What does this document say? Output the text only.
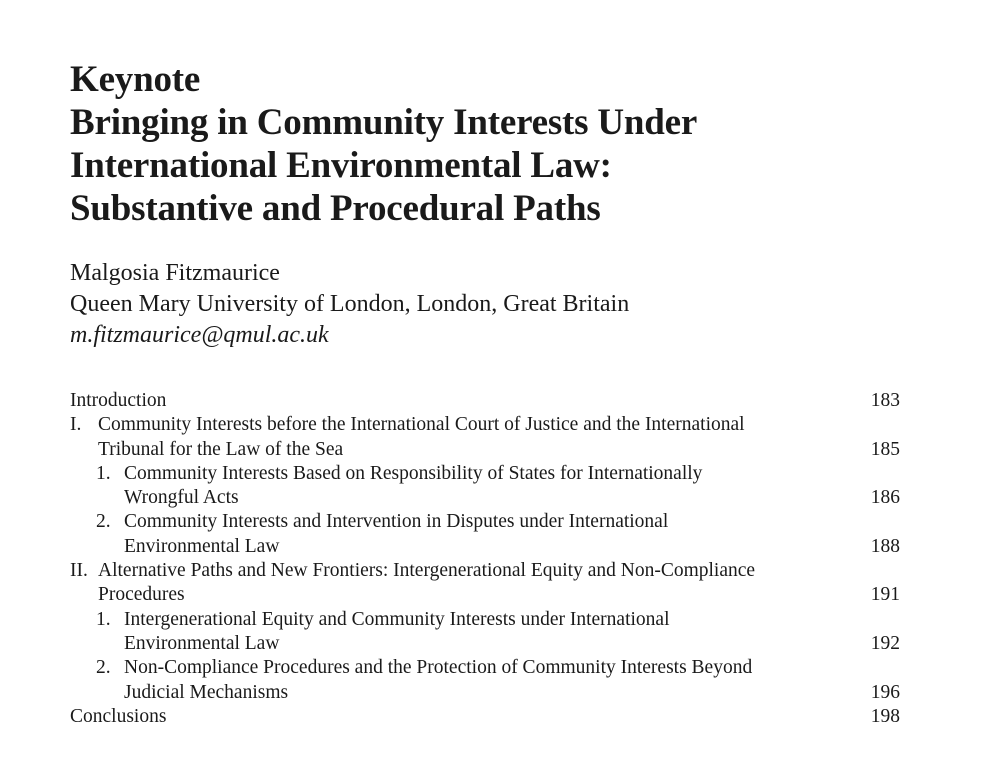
Keynote
Bringing in Community Interests Under
International Environmental Law:
Substantive and Procedural Paths
Malgosia Fitzmaurice
Queen Mary University of London, London, Great Britain
m.fitzmaurice@qmul.ac.uk
Introduction	183
I. Community Interests before the International Court of Justice and the International
Tribunal for the Law of the Sea	185
1. Community Interests Based on Responsibility of States for Internationally
Wrongful Acts	186
2. Community Interests and Intervention in Disputes under International
Environmental Law	188
II. Alternative Paths and New Frontiers: Intergenerational Equity and Non-Compliance
Procedures	191
1. Intergenerational Equity and Community Interests under International
Environmental Law	192
2. Non-Compliance Procedures and the Protection of Community Interests Beyond
Judicial Mechanisms	196
Conclusions	198
